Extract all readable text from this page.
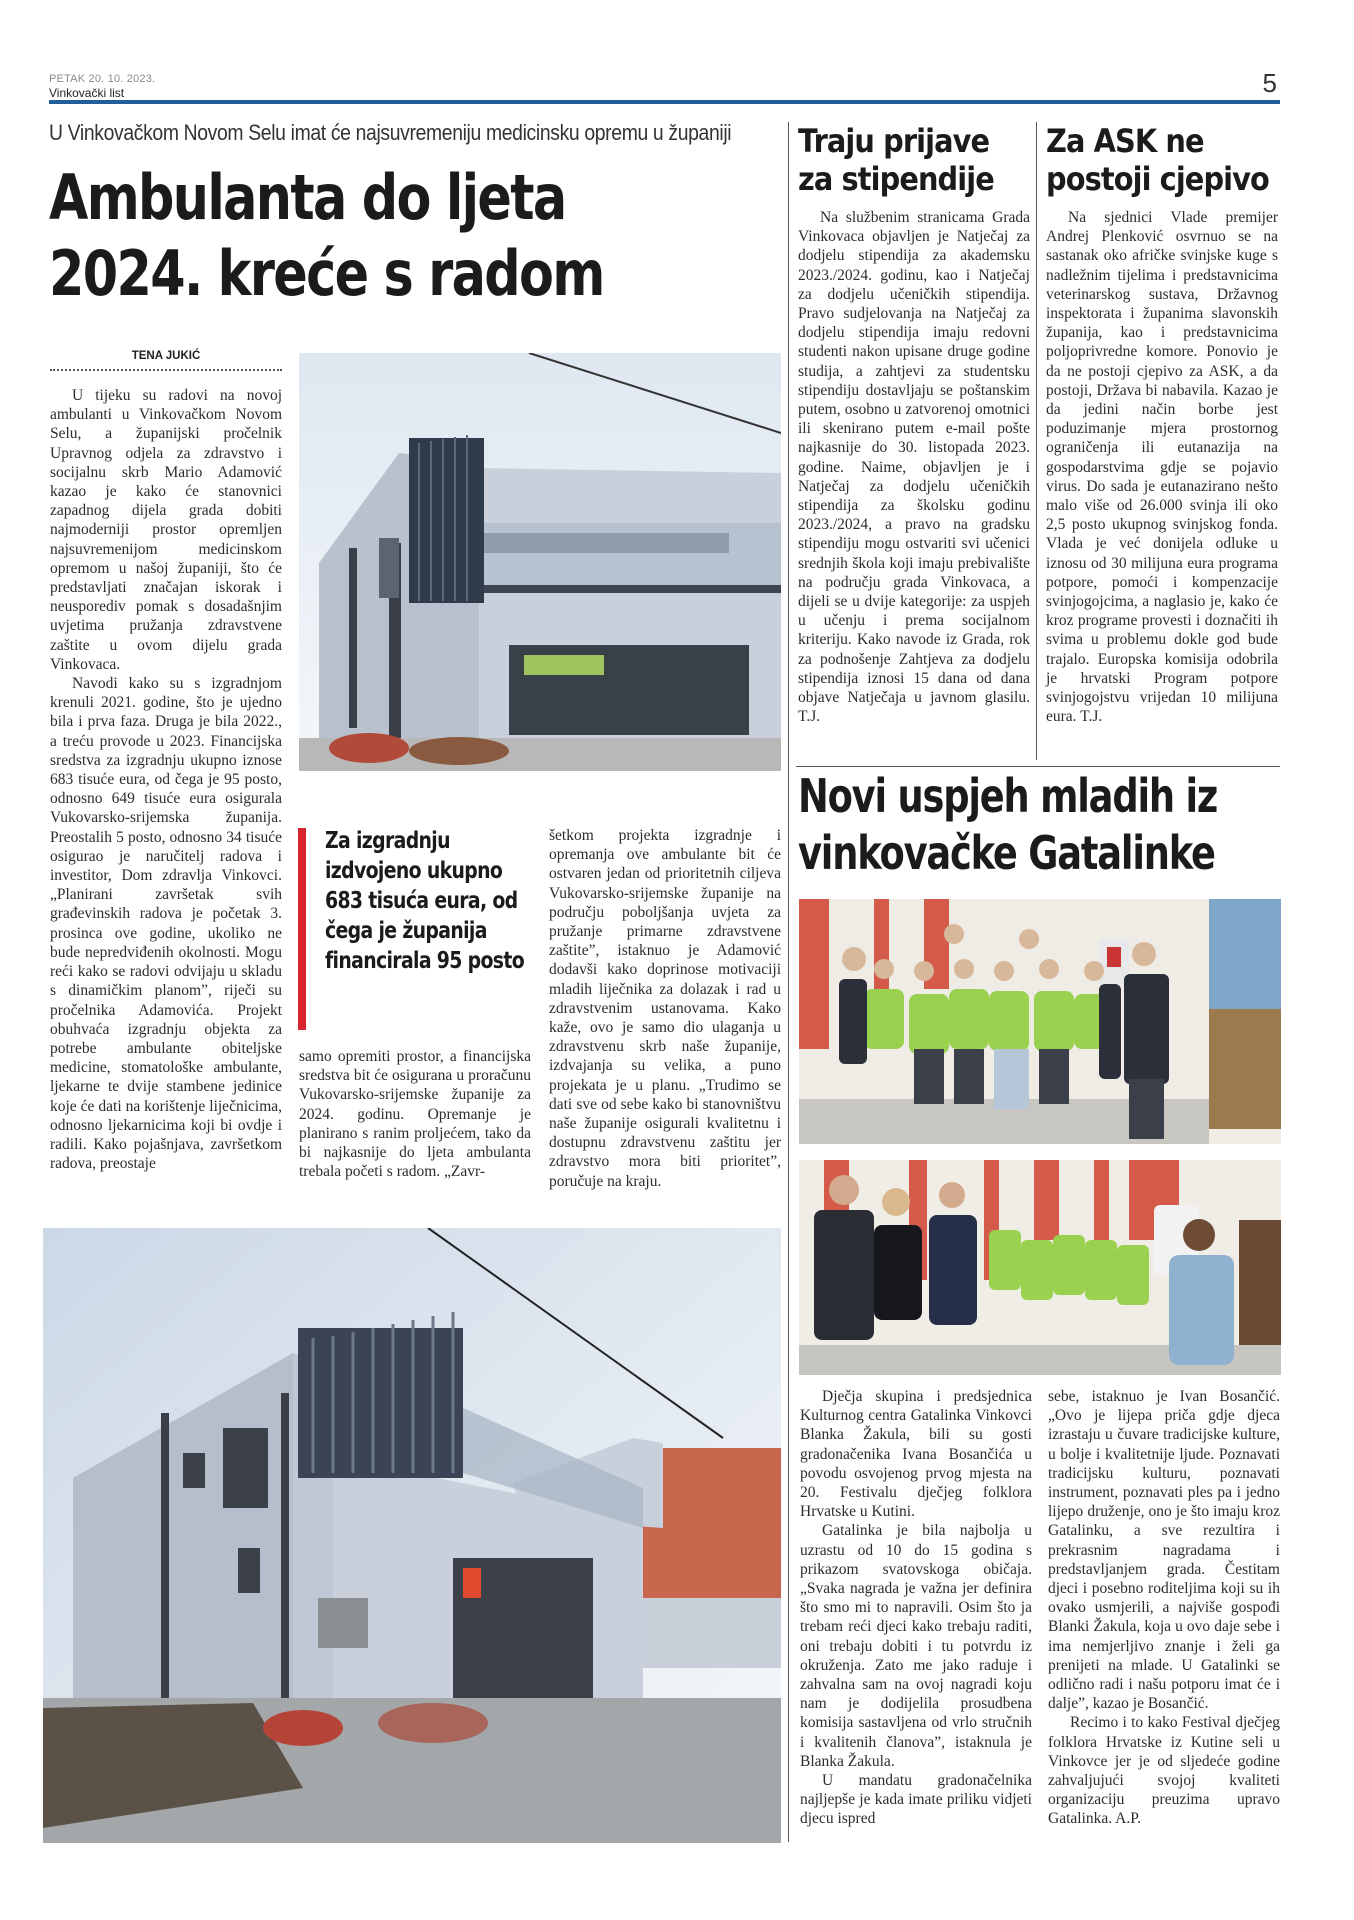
PETAK 20. 10. 2023.
Vinkovački list	5
U Vinkovačkom Novom Selu imat će najsuvremeniju medicinsku opremu u županiji
Ambulanta do ljeta
2024. kreće s radom
TENA JUKIĆ

U tijeku su radovi na novoj ambulanti u Vinkovačkom Novom Selu, a županijski pročelnik Upravnog odjela za zdravstvo i socijalnu skrb Mario Adamović kazao je kako će stanovnici zapadnog dijela grada dobiti najmoderniji prostor opremljen najsuvremenijom medicinskom opremom u našoj županiji, što će predstavljati značajan iskorak i neusporediv pomak s dosadašnjim uvjetima pružanja zdravstvene zaštite u ovom dijelu grada Vinkovaca.

Navodi kako su s izgradnjom krenuli 2021. godine, što je ujedno bila i prva faza. Druga je bila 2022., a treću provode u 2023. Financijska sredstva za izgradnju ukupno iznose 683 tisuće eura, od čega je 95 posto, odnosno 649 tisuće eura osigurala Vukovarsko-srijemska županija. Preostalih 5 posto, odnosno 34 tisuće osigurao je naručitelj radova i investitor, Dom zdravlja Vinkovci. „Planirani završetak svih građevinskih radova je početak 3. prosinca ove godine, ukoliko ne bude nepredviđenih okolnosti. Mogu reći kako se radovi odvijaju u skladu s dinamičkim planom”, riječi su pročelnika Adamovića. Projekt obuhvaća izgradnju objekta za potrebe ambulante obiteljske medicine, stomatološke ambulante, ljekarne te dvije stambene jedinice koje će dati na korištenje liječnicima, odnosno ljekarnicima koji bi ovdje i radili. Kako pojašnjava, završetkom radova, preostaje

Za izgradnju izdvojeno ukupno 683 tisuća eura, od čega je županija financirala 95 posto

samo opremiti prostor, a financijska sredstva bit će osigurana u proračunu Vukovarsko-srijemske županije za 2024. godinu. Opremanje je planirano s ranim proljećem, tako da bi najkasnije do ljeta ambulanta trebala početi s radom. „Zavr-

šetkom projekta izgradnje i opremanja ove ambulante bit će ostvaren jedan od prioritetnih ciljeva Vukovarsko-srijemske županije na području poboljšanja uvjeta za pružanje primarne zdravstvene zaštite”, istaknuo je Adamović dodavši kako doprinose motivaciji mladih liječnika za dolazak i rad u zdravstvenim ustanovama. Kako kaže, ovo je samo dio ulaganja u zdravstvenu skrb naše županije, izdvajanja su velika, a puno projekata je u planu. „Trudimo se dati sve od sebe kako bi stanovništvu naše županije osigurali kvalitetnu i dostupnu zdravstvenu zaštitu jer zdravstvo mora biti prioritet”, poručuje na kraju.

Traju prijave
za stipendije

Na službenim stranicama Grada Vinkovaca objavljen je Natječaj za dodjelu stipendija za akademsku 2023./2024. godinu, kao i Natječaj za dodjelu učeničkih stipendija. Pravo sudjelovanja na Natječaj za dodjelu stipendija imaju redovni studenti nakon upisane druge godine studija, a zahtjevi za studentsku stipendiju dostavljaju se poštanskim putem, osobno u zatvorenoj omotnici ili skenirano putem e-mail pošte najkasnije do 30. listopada 2023. godine. Naime, objavljen je i Natječaj za dodjelu učeničkih stipendija za školsku godinu 2023./2024, a pravo na gradsku stipendiju mogu ostvariti svi učenici srednjih škola koji imaju prebivalište na području grada Vinkovaca, a dijeli se u dvije kategorije: za uspjeh u učenju i prema socijalnom kriteriju. Kako navode iz Grada, rok za podnošenje Zahtjeva za dodjelu stipendija iznosi 15 dana od dana objave Natječaja u javnom glasilu. T.J.

Za ASK ne
postoji cjepivo

Na sjednici Vlade premijer Andrej Plenković osvrnuo se na sastanak oko afričke svinjske kuge s nadležnim tijelima i predstavnicima veterinarskog sustava, Državnog inspektorata i županima slavonskih županija, kao i predstavnicima poljoprivredne komore. Ponovio je da ne postoji cjepivo za ASK, a da postoji, Država bi nabavila. Kazao je da jedini način borbe jest poduzimanje mjera prostornog ograničenja ili eutanazija na gospodarstvima gdje se pojavio virus. Do sada je eutanazirano nešto malo više od 26.000 svinja ili oko 2,5 posto ukupnog svinjskog fonda. Vlada je već donijela odluke u iznosu od 30 milijuna eura programa potpore, pomoći i kompenzacije svinjogojcima, a naglasio je, kako će kroz programe provesti i doznačiti ih svima u problemu dokle god bude trajalo. Europska komisija odobrila je hrvatski Program potpore svinjogojstvu vrijedan 10 milijuna eura. T.J.

Novi uspjeh mladih iz
vinkovačke Gatalinke

Dječja skupina i predsjednica Kulturnog centra Gatalinka Vinkovci Blanka Žakula, bili su gosti gradonačenika Ivana Bosančića u povodu osvojenog prvog mjesta na 20. Festivalu dječjeg folklora Hrvatske u Kutini.

Gatalinka je bila najbolja u uzrastu od 10 do 15 godina s prikazom svatovskoga običaja. „Svaka nagrada je važna jer definira što smo mi to napravili. Osim što ja trebam reći djeci kako trebaju raditi, oni trebaju dobiti i tu potvrdu iz okruženja. Zato me jako raduje i zahvalna sam na ovoj nagradi koju nam je dodijelila prosudbena komisija sastavljena od vrlo stručnih i kvalitenih članova”, istaknula je Blanka Žakula.

U mandatu gradonačelnika najljepše je kada imate priliku vidjeti djecu ispred

sebe, istaknuo je Ivan Bosančić. „Ovo je lijepa priča gdje djeca izrastaju u čuvare tradicijske kulture, u bolje i kvalitetnije ljude. Poznavati tradicijsku kulturu, poznavati instrument, poznavati ples pa i jedno lijepo druženje, ono je što imaju kroz Gatalinku, a sve rezultira i prekrasnim nagradama i predstavljanjem grada. Čestitam djeci i posebno roditeljima koji su ih ovako usmjerili, a najviše gospođi Blanki Žakula, koja u ovo daje sebe i ima nemjerljivo znanje i želi ga prenijeti na mlade. U Gatalinki se odlično radi i našu potporu imat će i dalje”, kazao je Bosančić.

Recimo i to kako Festival dječjeg folklora Hrvatske iz Kutine seli u Vinkovce jer je od sljedeće godine zahvaljujući svojoj kvaliteti organizaciju preuzima upravo Gatalinka. A.P.
